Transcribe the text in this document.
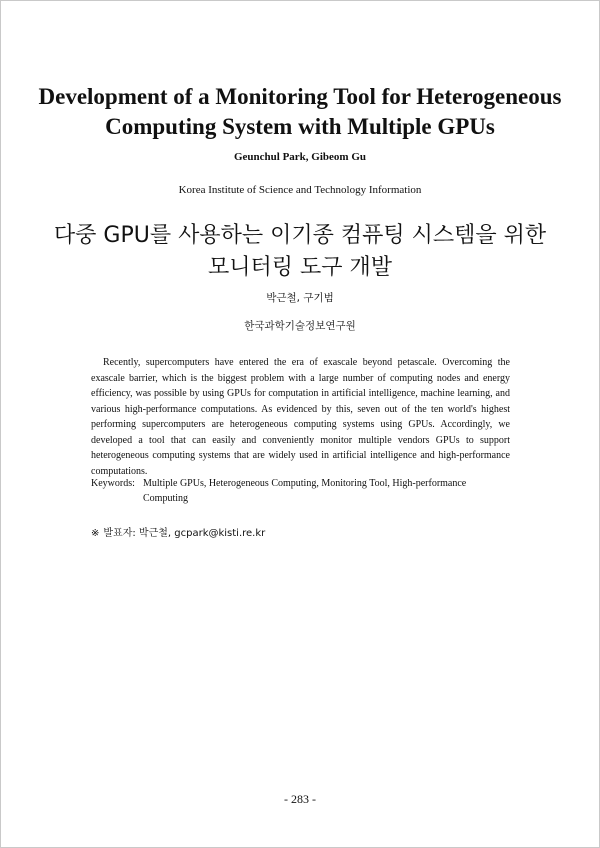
Development of a Monitoring Tool for Heterogeneous
Computing System with Multiple GPUs
Geunchul Park, Gibeom Gu
Korea Institute of Science and Technology Information
다중 GPU를 사용하는 이기종 컴퓨팅 시스템을 위한
모니터링 도구 개발
박근철, 구기범
한국과학기술정보연구원

Recently, supercomputers have entered the era of exascale beyond petascale. Overcoming the exascale barrier, which is the biggest problem with a large number of computing nodes and energy efficiency, was possible by using GPUs for computation in artificial intelligence, machine learning, and various high-performance computations. As evidenced by this, seven out of the ten world's highest performing supercomputers are heterogeneous computing systems using GPUs. Accordingly, we developed a tool that can easily and conveniently monitor multiple vendors GPUs to support heterogeneous computing systems that are widely used in artificial intelligence and high-performance computations.

Keywords: Multiple GPUs, Heterogeneous Computing, Monitoring Tool, High-performance Computing
※ 발표자: 박근철, gcpark@kisti.re.kr
- 283 -
